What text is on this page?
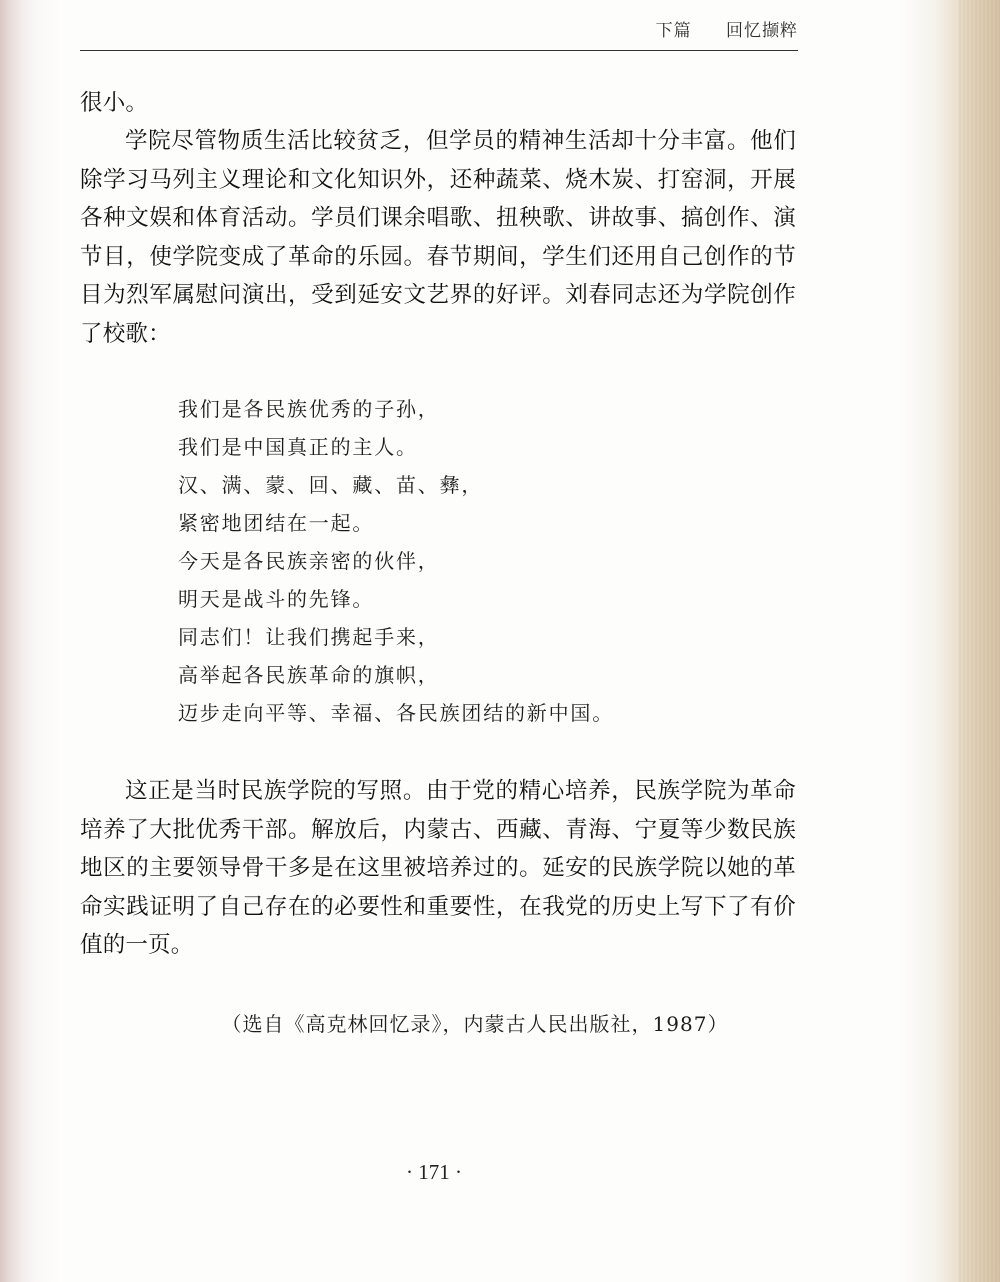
下篇 回忆撷粹

很小。

学院尽管物质生活比较贫乏，但学员的精神生活却十分丰富。他们除学习马列主义理论和文化知识外，还种蔬菜、烧木炭、打窑洞，开展各种文娱和体育活动。学员们课余唱歌、扭秧歌、讲故事、搞创作、演节目，使学院变成了革命的乐园。春节期间，学生们还用自己创作的节目为烈军属慰问演出，受到延安文艺界的好评。刘春同志还为学院创作了校歌：

我们是各民族优秀的子孙，
我们是中国真正的主人。
汉、满、蒙、回、藏、苗、彝，
紧密地团结在一起。
今天是各民族亲密的伙伴，
明天是战斗的先锋。
同志们！让我们携起手来，
高举起各民族革命的旗帜，
迈步走向平等、幸福、各民族团结的新中国。

这正是当时民族学院的写照。由于党的精心培养，民族学院为革命培养了大批优秀干部。解放后，内蒙古、西藏、青海、宁夏等少数民族地区的主要领导骨干多是在这里被培养过的。延安的民族学院以她的革命实践证明了自己存在的必要性和重要性，在我党的历史上写下了有价值的一页。

（选自《高克林回忆录》，内蒙古人民出版社，1987）
· 171 ·
